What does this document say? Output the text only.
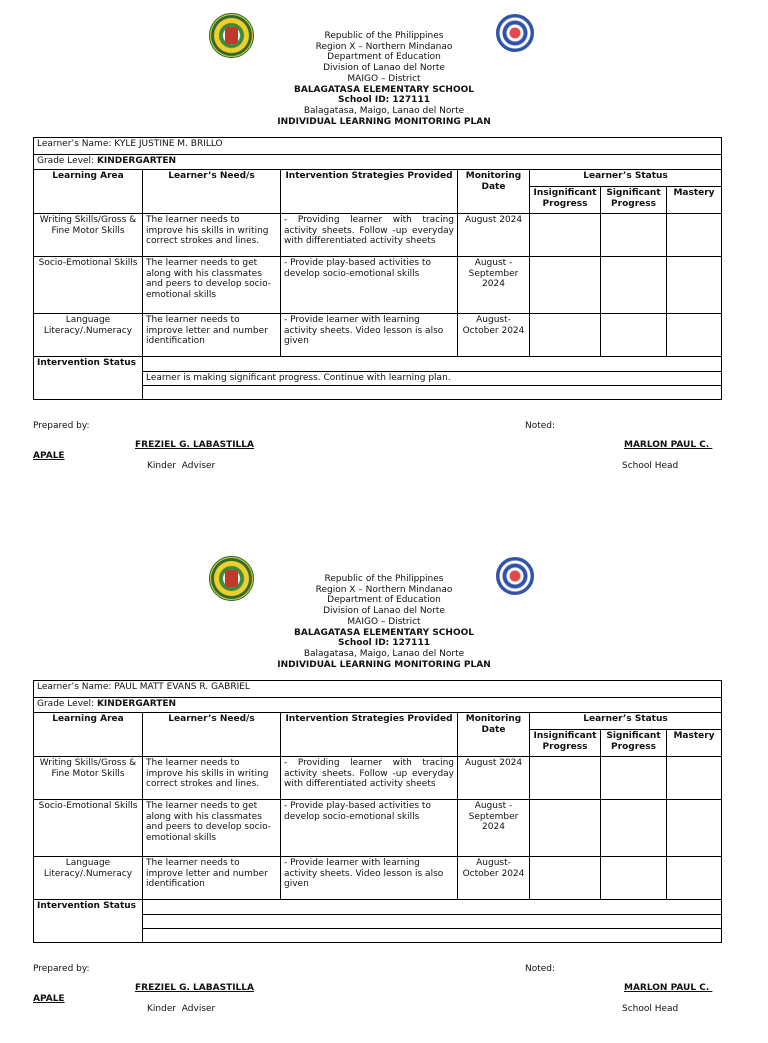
Republic of the Philippines
Region X – Northern Mindanao
Department of Education
Division of Lanao del Norte
MAIGO – District
BALAGATASA ELEMENTARY SCHOOL
School ID: 127111
Balagatasa, Maigo, Lanao del Norte
INDIVIDUAL LEARNING MONITORING PLAN
Learner’s Name: KYLE JUSTINE M. BRILLO						
Grade Level: KINDERGARTEN						
Learning Area	Learner’s Need/s	Intervention Strategies Provided	Monitoring Date	Learner’s Status		
				Insignificant Progress	Significant Progress	Mastery
Writing Skills/Gross & Fine Motor Skills	The learner needs to improve his skills in writing correct strokes and lines.	- Providing learner with tracing activity sheets. Follow -up everyday with differentiated activity sheets	August 2024			
Socio-Emotional Skills	The learner needs to get along with his classmates and peers to develop socio-emotional skills	- Provide play-based activities to develop socio-emotional skills	August - September 2024			
Language Literacy/.Numeracy	The learner needs to improve letter and number identification	- Provide learner with learning activity sheets. Video lesson is also given	August- October 2024			
Intervention Status						
	Learner is making significant progress. Continue with learning plan.					

Prepared by:	Noted:
FREZIEL G. LABASTILLA	MARLON PAUL C.
APALE
Kinder  Adviser	School Head
Republic of the Philippines
Region X – Northern Mindanao
Department of Education
Division of Lanao del Norte
MAIGO – District
BALAGATASA ELEMENTARY SCHOOL
School ID: 127111
Balagatasa, Maigo, Lanao del Norte
INDIVIDUAL LEARNING MONITORING PLAN
Learner’s Name: PAUL MATT EVANS R. GABRIEL						
Grade Level: KINDERGARTEN						
Learning Area	Learner’s Need/s	Intervention Strategies Provided	Monitoring Date	Learner’s Status		
				Insignificant Progress	Significant Progress	Mastery
Writing Skills/Gross & Fine Motor Skills	The learner needs to improve his skills in writing correct strokes and lines.	- Providing learner with tracing activity sheets. Follow -up everyday with differentiated activity sheets	August 2024			
Socio-Emotional Skills	The learner needs to get along with his classmates and peers to develop socio-emotional skills	- Provide play-based activities to develop socio-emotional skills	August - September 2024			
Language Literacy/.Numeracy	The learner needs to improve letter and number identification	- Provide learner with learning activity sheets. Video lesson is also given	August- October 2024			
Intervention Status						

Prepared by:	Noted:
FREZIEL G. LABASTILLA	MARLON PAUL C.
APALE
Kinder  Adviser	School Head
